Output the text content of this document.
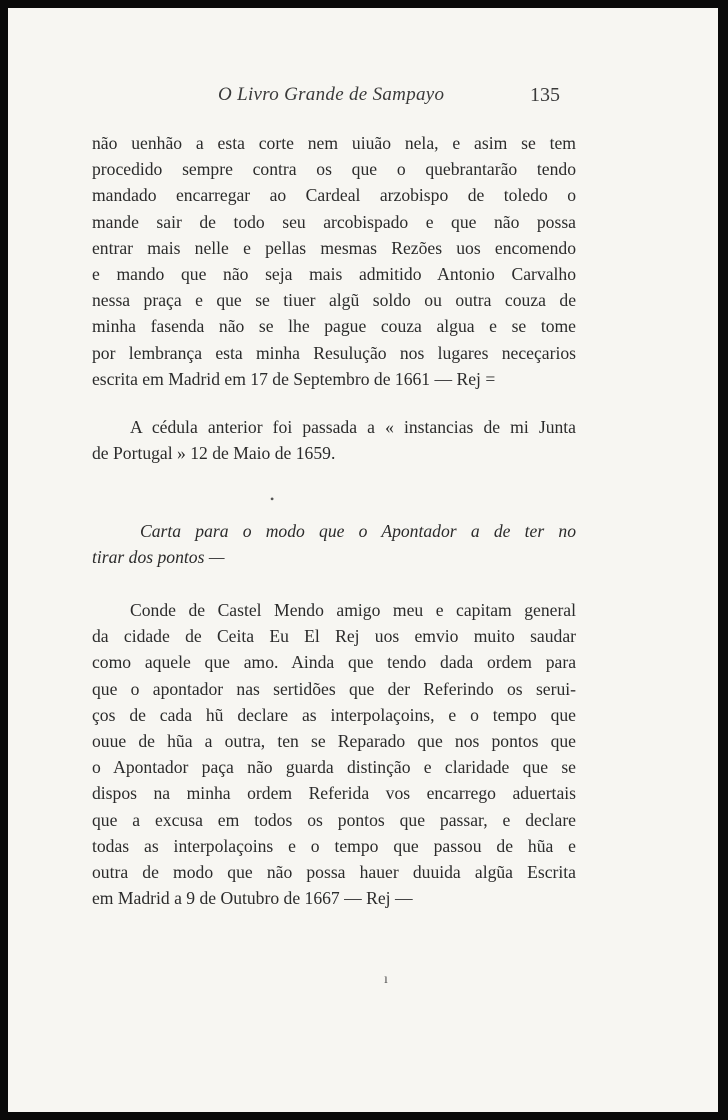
O Livro Grande de Sampayo	135
não uenhão a esta corte nem uiuão nela, e asim se tem
procedido sempre contra os que o quebrantarão tendo
mandado encarregar ao Cardeal arzobispo de toledo o
mande sair de todo seu arcobispado e que não possa
entrar mais nelle e pellas mesmas Rezões uos encomendo
e mando que não seja mais admitido Antonio Carvalho
nessa praça e que se tiuer algũ soldo ou outra couza de
minha fasenda não se lhe pague couza algua e se tome
por lembrança esta minha Resulução nos lugares neceçarios
escrita em Madrid em 17 de Septembro de 1661 — Rej =
A cédula anterior foi passada a « instancias de mi Junta
de Portugal » 12 de Maio de 1659.
Carta para o modo que o Apontador a de ter no
tirar dos pontos —
Conde de Castel Mendo amigo meu e capitam general
da cidade de Ceita Eu El Rej uos emvio muito saudar
como aquele que amo. Ainda que tendo dada ordem para
que o apontador nas sertidões que der Referindo os serui-
ços de cada hũ declare as interpolaçoins, e o tempo que
ouue de hũa a outra, ten se Reparado que nos pontos que
o Apontador paça não guarda distinção e claridade que se
dispos na minha ordem Referida vos encarrego aduertais
que a excusa em todos os pontos que passar, e declare
todas as interpolaçoins e o tempo que passou de hũa e
outra de modo que não possa hauer duuida algũa Escrita
em Madrid a 9 de Outubro de 1667 — Rej —
•
ı
